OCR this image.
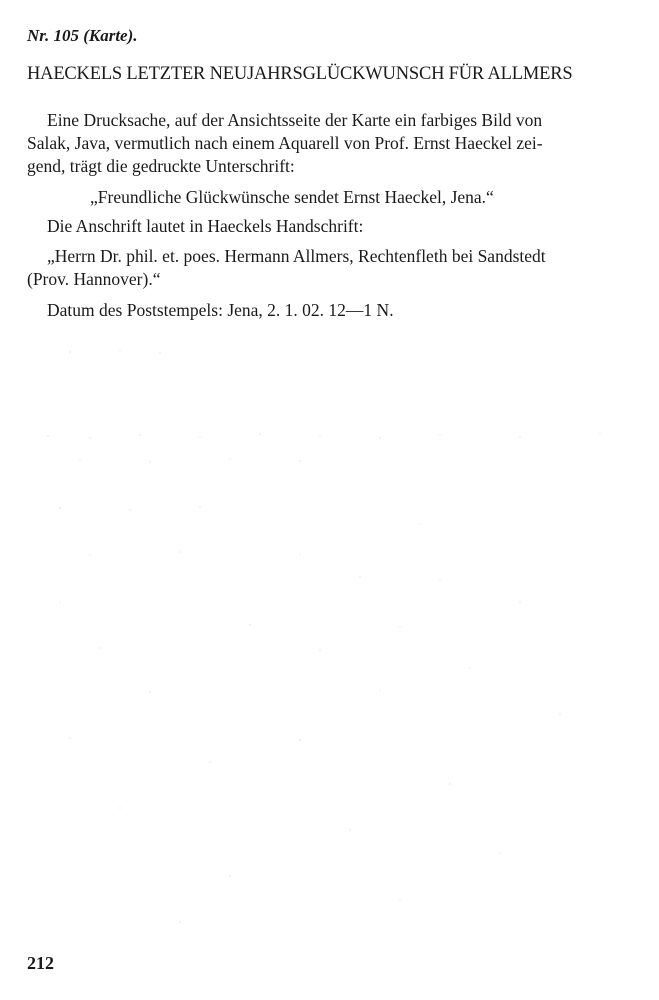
Nr. 105 (Karte).
HAECKELS LETZTER NEUJAHRSGLÜCKWUNSCH FÜR ALLMERS
Eine Drucksache, auf der Ansichtsseite der Karte ein farbiges Bild von
Salak, Java, vermutlich nach einem Aquarell von Prof. Ernst Haeckel zei-
gend, trägt die gedruckte Unterschrift:
„Freundliche Glückwünsche sendet Ernst Haeckel, Jena.“
Die Anschrift lautet in Haeckels Handschrift:
„Herrn Dr. phil. et. poes. Hermann Allmers, Rechtenfleth bei Sandstedt
(Prov. Hannover).“
Datum des Poststempels: Jena, 2. 1. 02. 12—1 N.
212
